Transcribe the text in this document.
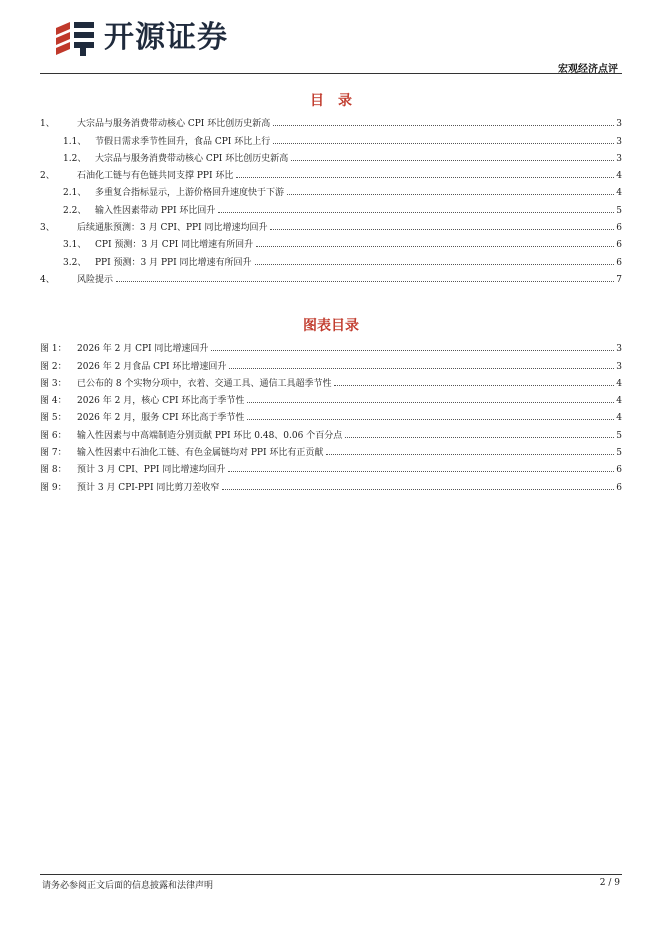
开源证券
宏观经济点评
目　录
1、	大宗品与服务消费带动核心 CPI 环比创历史新高	3
1.1、 节假日需求季节性回升，食品 CPI 环比上行	3
1.2、 大宗品与服务消费带动核心 CPI 环比创历史新高	3
2、	石油化工链与有色链共同支撑 PPI 环比	4
2.1、 多重复合指标显示，上游价格回升速度快于下游	4
2.2、 输入性因素带动 PPI 环比回升	5
3、	后续通胀预测：3 月 CPI、PPI 同比增速均回升	6
3.1、 CPI 预测：3 月 CPI 同比增速有所回升	6
3.2、 PPI 预测：3 月 PPI 同比增速有所回升	6
4、	风险提示	7
图表目录
图 1：	2026 年 2 月 CPI 同比增速回升	3
图 2：	2026 年 2 月食品 CPI 环比增速回升	3
图 3：	已公布的 8 个实物分项中，衣着、交通工具、通信工具超季节性	4
图 4：	2026 年 2 月，核心 CPI 环比高于季节性	4
图 5：	2026 年 2 月，服务 CPI 环比高于季节性	4
图 6：	输入性因素与中高端制造分别贡献 PPI 环比 0.48、0.06 个百分点	5
图 7：	输入性因素中石油化工链、有色金属链均对 PPI 环比有正贡献	5
图 8：	预计 3 月 CPI、PPI 同比增速均回升	6
图 9：	预计 3 月 CPI-PPI 同比剪刀差收窄	6
请务必参阅正文后面的信息披露和法律声明	2 / 9
